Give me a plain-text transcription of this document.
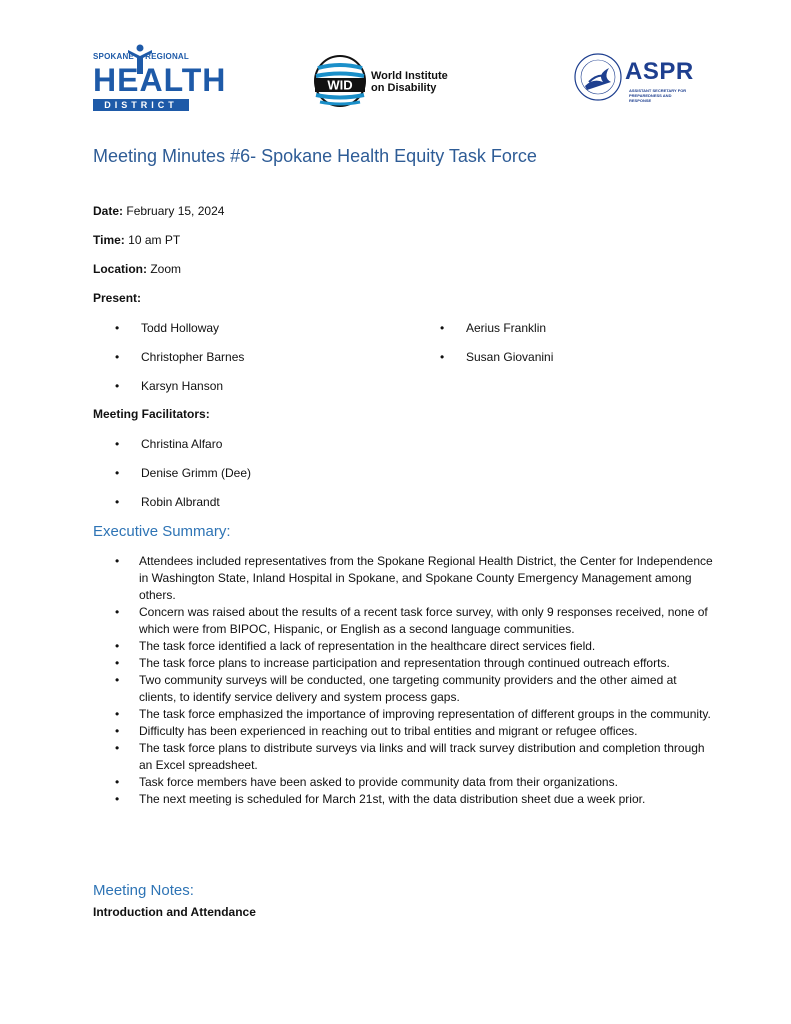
SPOKANE REGIONAL
HEALTH
DISTRICT
WID
World Institute
on Disability
ASPR
ASSISTANT SECRETARY FOR PREPAREDNESS AND RESPONSE
Meeting Minutes #6- Spokane Health Equity Task Force
Date: February 15, 2024
Time: 10 am PT
Location: Zoom
Present:
• Todd Holloway
• Christopher Barnes
• Karsyn Hanson
• Aerius Franklin
• Susan Giovanini
Meeting Facilitators:
• Christina Alfaro
• Denise Grimm (Dee)
• Robin Albrandt
Executive Summary:
• Attendees included representatives from the Spokane Regional Health District, the Center for Independence in Washington State, Inland Hospital in Spokane, and Spokane County Emergency Management among others.
• Concern was raised about the results of a recent task force survey, with only 9 responses received, none of which were from BIPOC, Hispanic, or English as a second language communities.
• The task force identified a lack of representation in the healthcare direct services field.
• The task force plans to increase participation and representation through continued outreach efforts.
• Two community surveys will be conducted, one targeting community providers and the other aimed at clients, to identify service delivery and system process gaps.
• The task force emphasized the importance of improving representation of different groups in the community.
• Difficulty has been experienced in reaching out to tribal entities and migrant or refugee offices.
• The task force plans to distribute surveys via links and will track survey distribution and completion through an Excel spreadsheet.
• Task force members have been asked to provide community data from their organizations.
• The next meeting is scheduled for March 21st, with the data distribution sheet due a week prior.
Meeting Notes:
Introduction and Attendance
